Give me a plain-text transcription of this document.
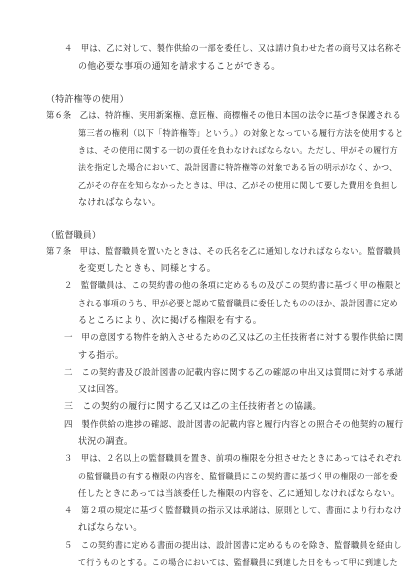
４　甲は、乙に対して、製作供給の一部を委任し、又は請け負わせた者の商号又は名称そ

の他必要な事項の通知を請求することができる。

（特許権等の使用）

第６条　乙は、特許権、実用新案権、意匠権、商標権その他日本国の法令に基づき保護される

第三者の権利（以下「特許権等」という。）の対象となっている履行方法を使用すると

きは、その使用に関する一切の責任を負わなければならない。ただし、甲がその履行方

法を指定した場合において、設計図書に特許権等の対象である旨の明示がなく、かつ、

乙がその存在を知らなかったときは、甲は、乙がその使用に関して要した費用を負担し

なければならない。

（監督職員）

第７条　甲は、監督職員を置いたときは、その氏名を乙に通知しなければならない。監督職員

を変更したときも、同様とする。

２　監督職員は、この契約書の他の条項に定めるもの及びこの契約書に基づく甲の権限と

される事項のうち、甲が必要と認めて監督職員に委任したもののほか、設計図書に定め

るところにより、次に掲げる権限を有する。

一　甲の意図する物件を納入させるための乙又は乙の主任技術者に対する製作供給に関

する指示。

二　この契約書及び設計図書の記載内容に関する乙の確認の申出又は質問に対する承諾

又は回答。

三　この契約の履行に関する乙又は乙の主任技術者との協議。

四　製作供給の進捗の確認、設計図書の記載内容と履行内容との照合その他契約の履行

状況の調査。

３　甲は、２名以上の監督職員を置き、前項の権限を分担させたときにあってはそれぞれ

の監督職員の有する権限の内容を、監督職員にこの契約書に基づく甲の権限の一部を委

任したときにあっては当該委任した権限の内容を、乙に通知しなければならない。

４　第２項の規定に基づく監督職員の指示又は承諾は、原則として、書面により行わなけ

ればならない。

５　この契約書に定める書面の提出は、設計図書に定めるものを除き、監督職員を経由し

て行うものとする。この場合においては、監督職員に到達した日をもって甲に到達した
